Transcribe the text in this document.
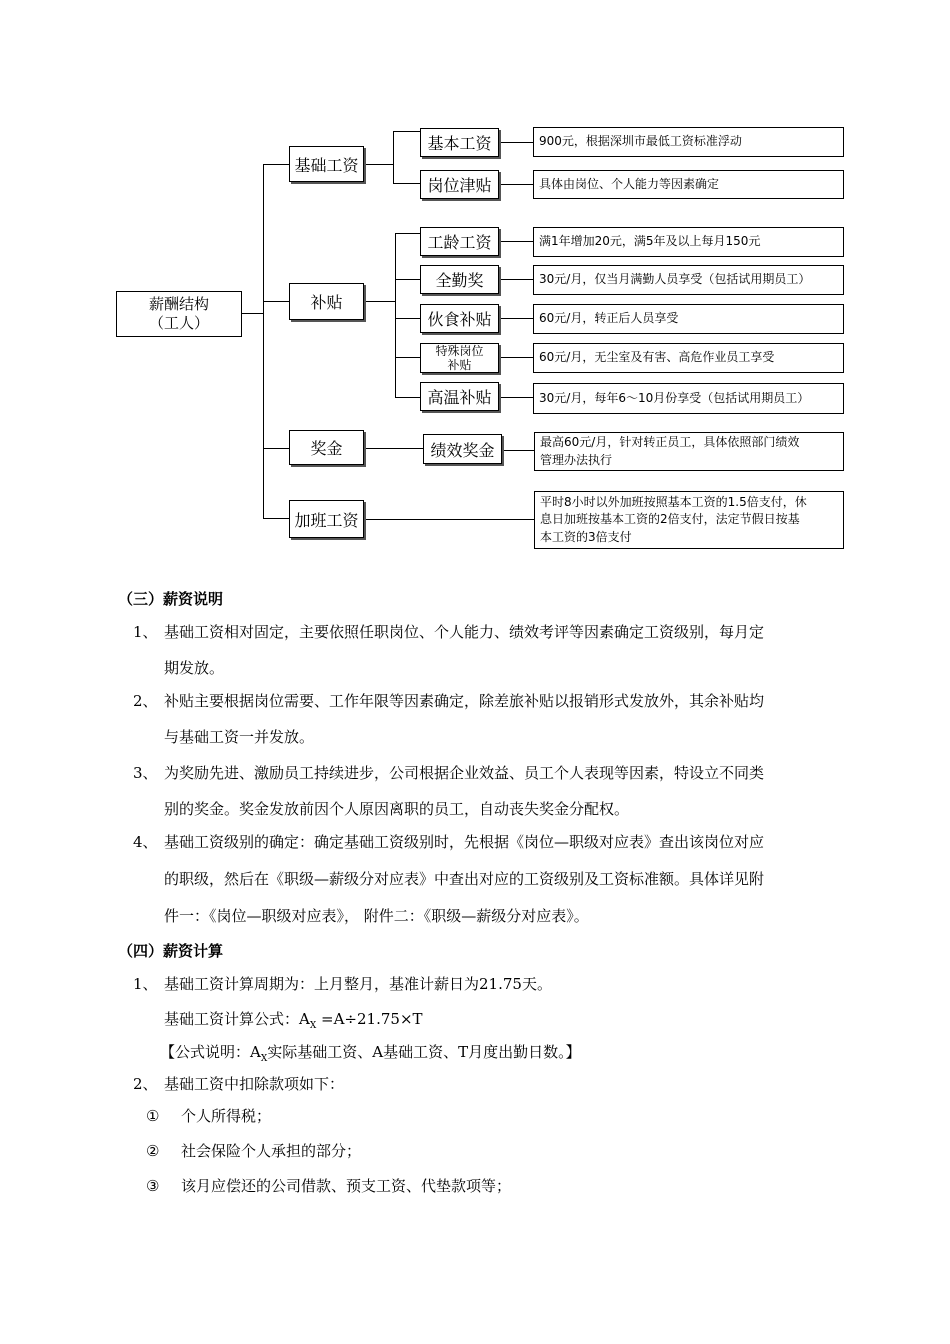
薪酬结构
（工人）
基础工资
补贴
奖金
加班工资
基本工资
岗位津贴
工龄工资
全勤奖
伙食补贴
特殊岗位
补贴
高温补贴
绩效奖金
900元，根据深圳市最低工资标准浮动
具体由岗位、个人能力等因素确定
满1年增加20元，满5年及以上每月150元
30元/月，仅当月满勤人员享受（包括试用期员工）
60元/月，转正后人员享受
60元/月，无尘室及有害、高危作业员工享受
30元/月，每年6～10月份享受（包括试用期员工）
最高60元/月，针对转正员工，具体依照部门绩效
管理办法执行
平时8小时以外加班按照基本工资的1.5倍支付，休
息日加班按基本工资的2倍支付，法定节假日按基
本工资的3倍支付
（三）薪资说明
1、 基础工资相对固定，主要依照任职岗位、个人能力、绩效考评等因素确定工资级别，每月定
期发放。
2、 补贴主要根据岗位需要、工作年限等因素确定，除差旅补贴以报销形式发放外，其余补贴均
与基础工资一并发放。
3、 为奖励先进、激励员工持续进步，公司根据企业效益、员工个人表现等因素，特设立不同类
别的奖金。奖金发放前因个人原因离职的员工，自动丧失奖金分配权。
4、 基础工资级别的确定：确定基础工资级别时，先根据《岗位—职级对应表》查出该岗位对应
的职级，然后在《职级—薪级分对应表》中查出对应的工资级别及工资标准额。具体详见附
件一：《岗位—职级对应表》， 附件二：《职级—薪级分对应表》。
（四）薪资计算
1、 基础工资计算周期为：上月整月，基准计薪日为21.75天。
基础工资计算公式：$A_X =A\div 21.75\times T$
【公式说明：$A_X$实际基础工资、A基础工资、T月度出勤日数。】
2、 基础工资中扣除款项如下：
① 个人所得税；
② 社会保险个人承担的部分；
③ 该月应偿还的公司借款、预支工资、代垫款项等；
